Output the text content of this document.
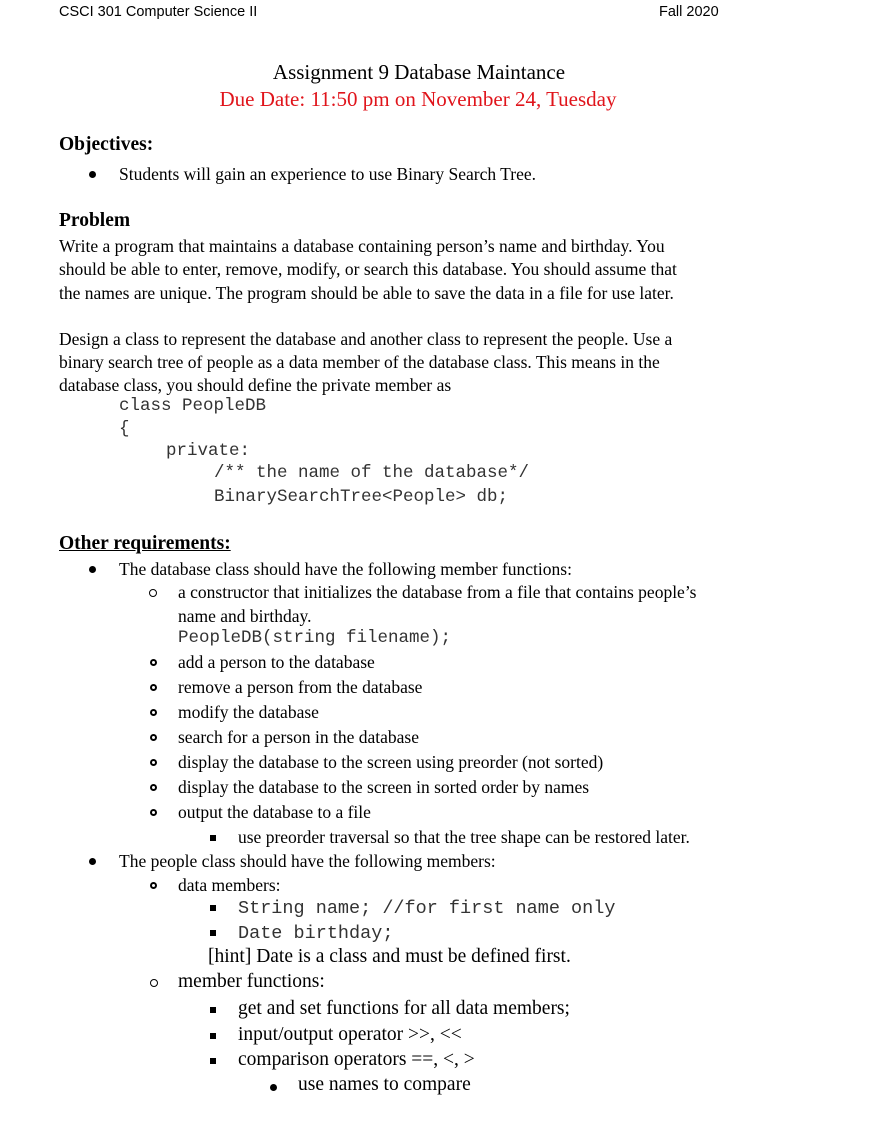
CSCI 301 Computer Science II	Fall 2020
Assignment 9 Database Maintance
Due Date: 11:50 pm on November 24, Tuesday
Objectives:
Students will gain an experience to use Binary Search Tree.
Problem
Write a program that maintains a database containing person’s name and birthday. You
should be able to enter, remove, modify, or search this database. You should assume that
the names are unique. The program should be able to save the data in a file for use later.
Design a class to represent the database and another class to represent the people. Use a
binary search tree of people as a data member of the database class. This means in the
database class, you should define the private member as
class PeopleDB
{
private:
/** the name of the database*/
BinarySearchTree<People> db;
Other requirements:
The database class should have the following member functions:
a constructor that initializes the database from a file that contains people’s
name and birthday.
PeopleDB(string filename);
add a person to the database
remove a person from the database
modify the database
search for a person in the database
display the database to the screen using preorder (not sorted)
display the database to the screen in sorted order by names
output the database to a file
use preorder traversal so that the tree shape can be restored later.
The people class should have the following members:
data members:
String name; //for first name only
Date birthday;
[hint] Date is a class and must be defined first.
member functions:
get and set functions for all data members;
input/output operator >>, <<
comparison operators ==, <, >
use names to compare
